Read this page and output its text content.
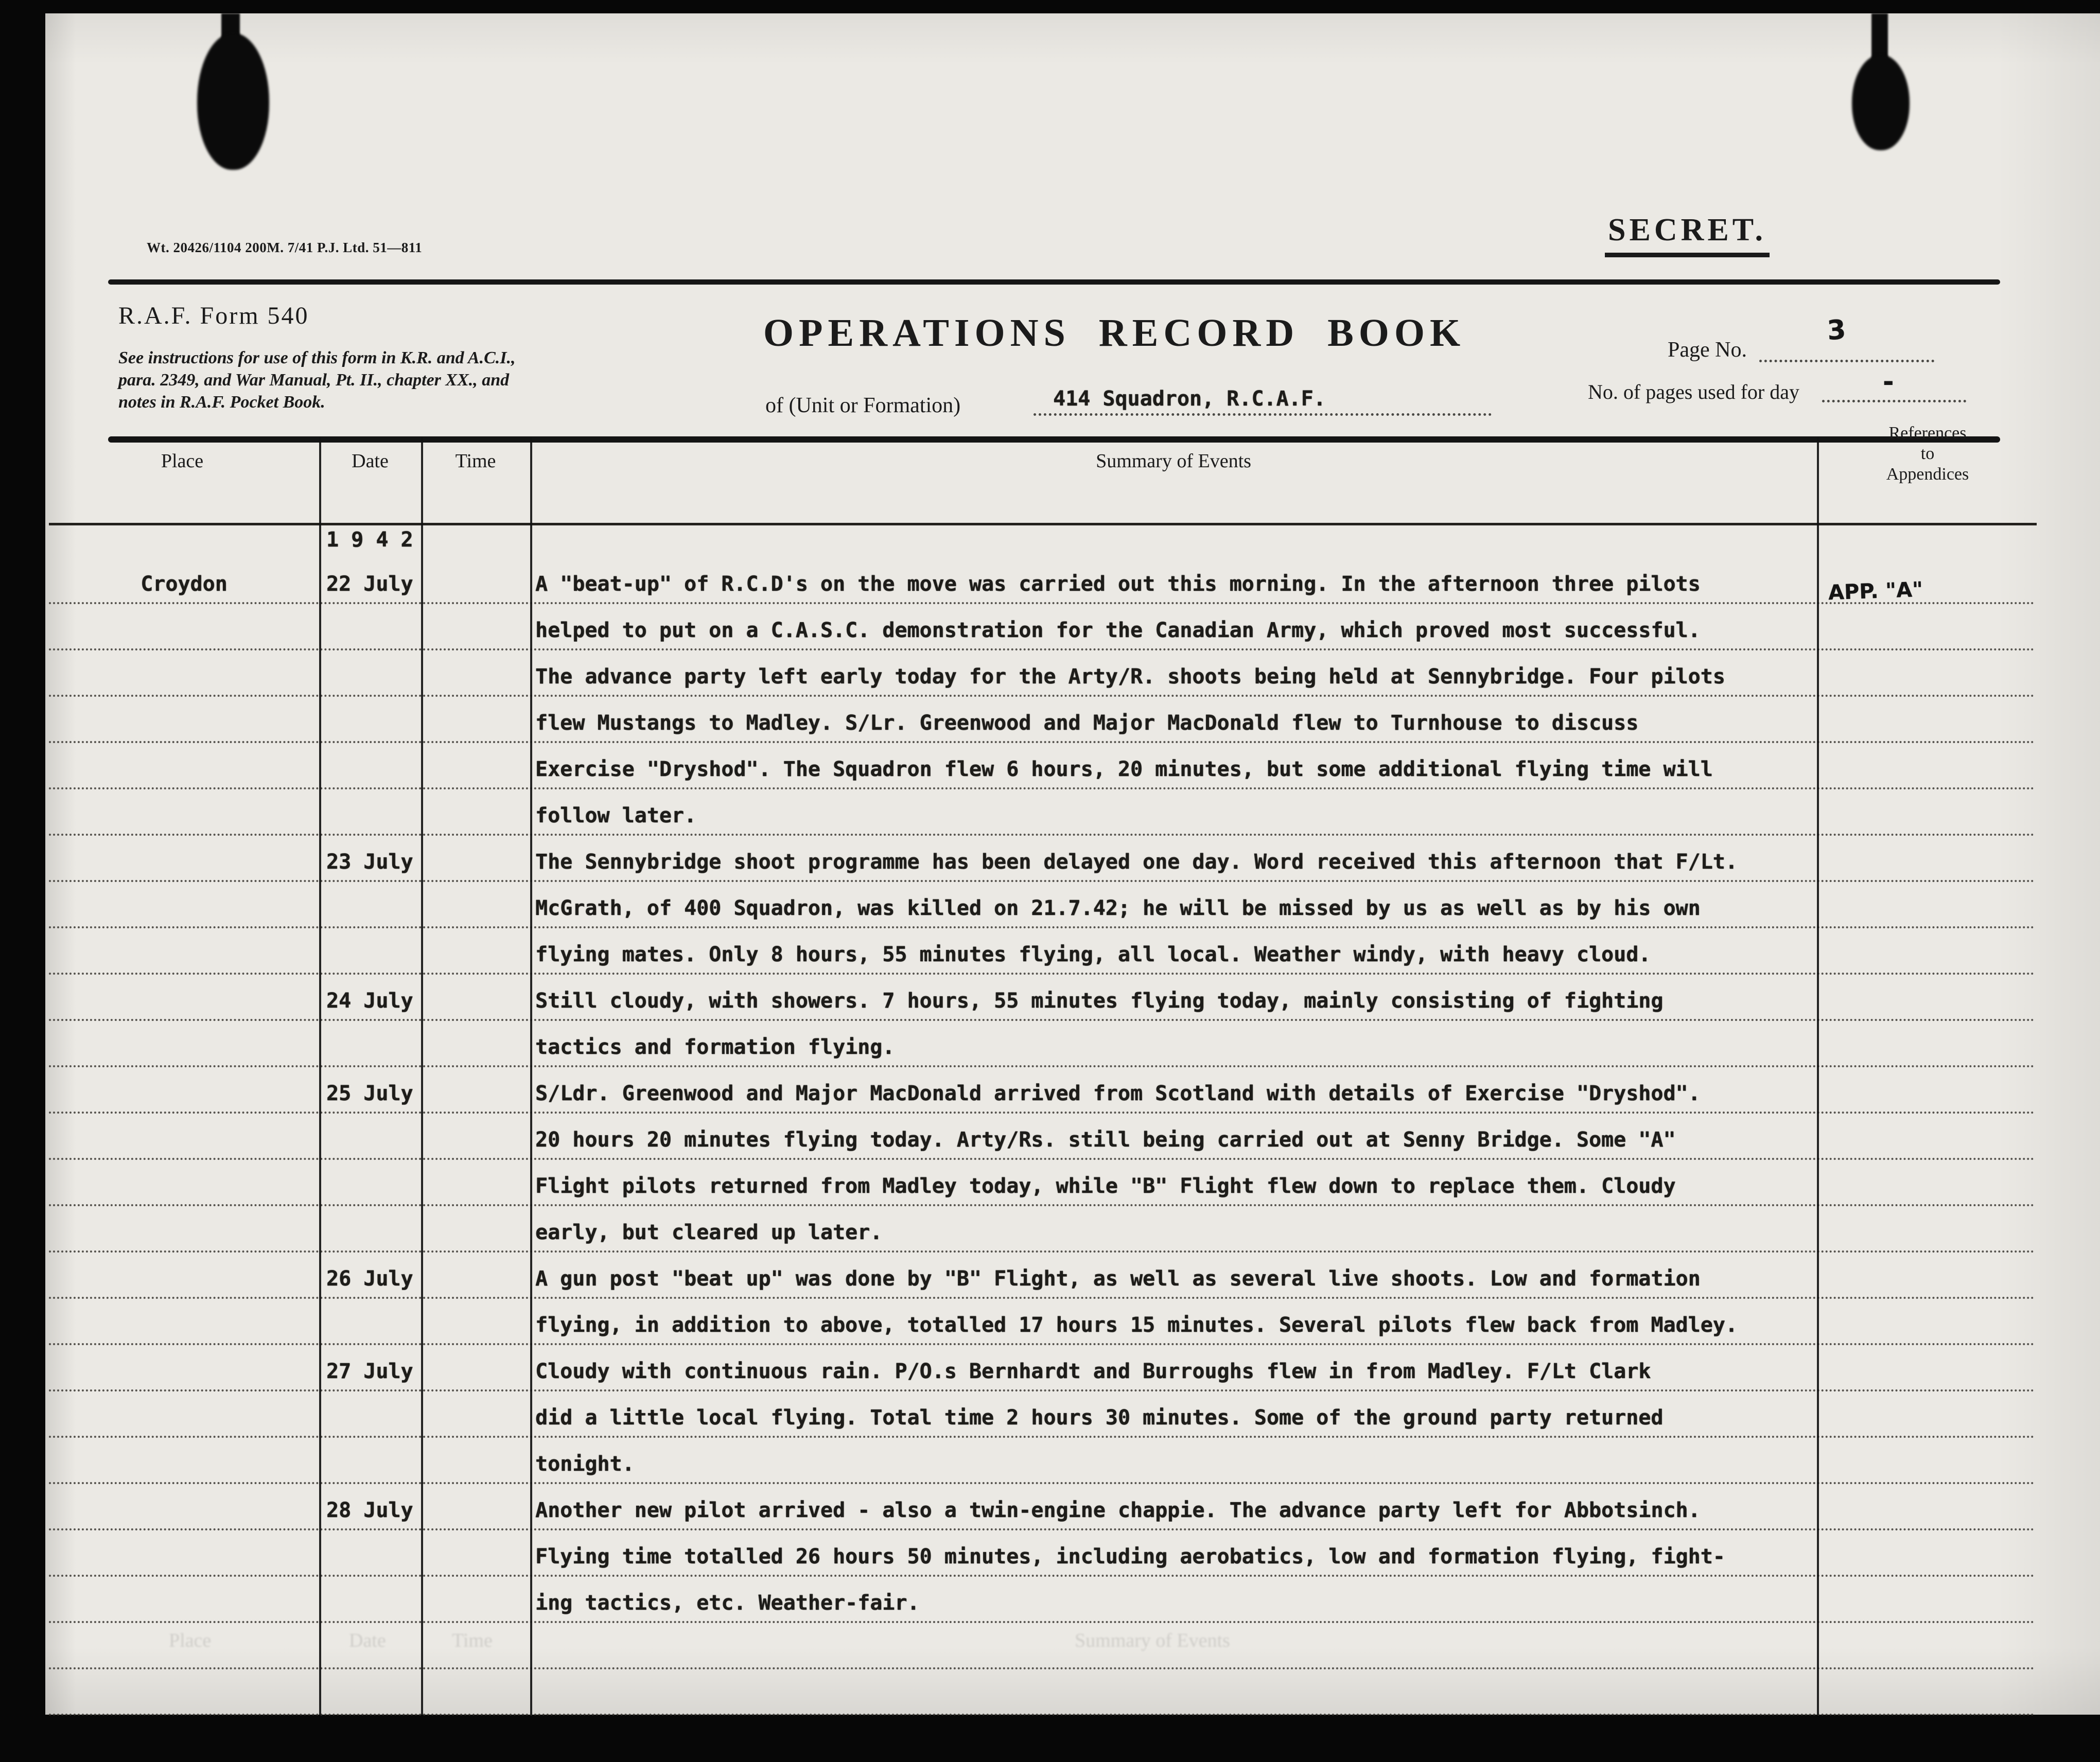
Wt. 20426/1104 200M. 7/41 P.J. Ltd. 51—811	SECRET.
R.A.F. Form 540
See instructions for use of this form in K.R. and A.C.I.,
para. 2349, and War Manual, Pt. II., chapter XX., and
notes in R.A.F. Pocket Book.
OPERATIONS RECORD BOOK
of (Unit or Formation)	414 Squadron, R.C.A.F.
Page No.
3
No. of pages used for day	-
Place	Date	Time	Summary of Events
References
to
Appendices
1 9 4 2
Croydon	22 July	A "beat-up" of R.C.D's on the move was carried out this morning. In the afternoon three pilots	APP. "A"
helped to put on a C.A.S.C. demonstration for the Canadian Army, which proved most successful.
The advance party left early today for the Arty/R. shoots being held at Sennybridge. Four pilots
flew Mustangs to Madley. S/Lr. Greenwood and Major MacDonald flew to Turnhouse to discuss
Exercise "Dryshod". The Squadron flew 6 hours, 20 minutes, but some additional flying time will
follow later.
23 July	The Sennybridge shoot programme has been delayed one day. Word received this afternoon that F/Lt.
McGrath, of 400 Squadron, was killed on 21.7.42; he will be missed by us as well as by his own
flying mates. Only 8 hours, 55 minutes flying, all local. Weather windy, with heavy cloud.
24 July	Still cloudy, with showers. 7 hours, 55 minutes flying today, mainly consisting of fighting
tactics and formation flying.
25 July	S/Ldr. Greenwood and Major MacDonald arrived from Scotland with details of Exercise "Dryshod".
20 hours 20 minutes flying today. Arty/Rs. still being carried out at Senny Bridge. Some "A"
Flight pilots returned from Madley today, while "B" Flight flew down to replace them. Cloudy
early, but cleared up later.
26 July	A gun post "beat up" was done by "B" Flight, as well as several live shoots. Low and formation
flying, in addition to above, totalled 17 hours 15 minutes. Several pilots flew back from Madley.
27 July	Cloudy with continuous rain. P/O.s Bernhardt and Burroughs flew in from Madley. F/Lt Clark
did a little local flying. Total time 2 hours 30 minutes. Some of the ground party returned
tonight.
28 July	Another new pilot arrived - also a twin-engine chappie. The advance party left for Abbotsinch.
Flying time totalled 26 hours 50 minutes, including aerobatics, low and formation flying, fight-
ing tactics, etc. Weather-fair.
Place	Date	Time	Summary of Events
